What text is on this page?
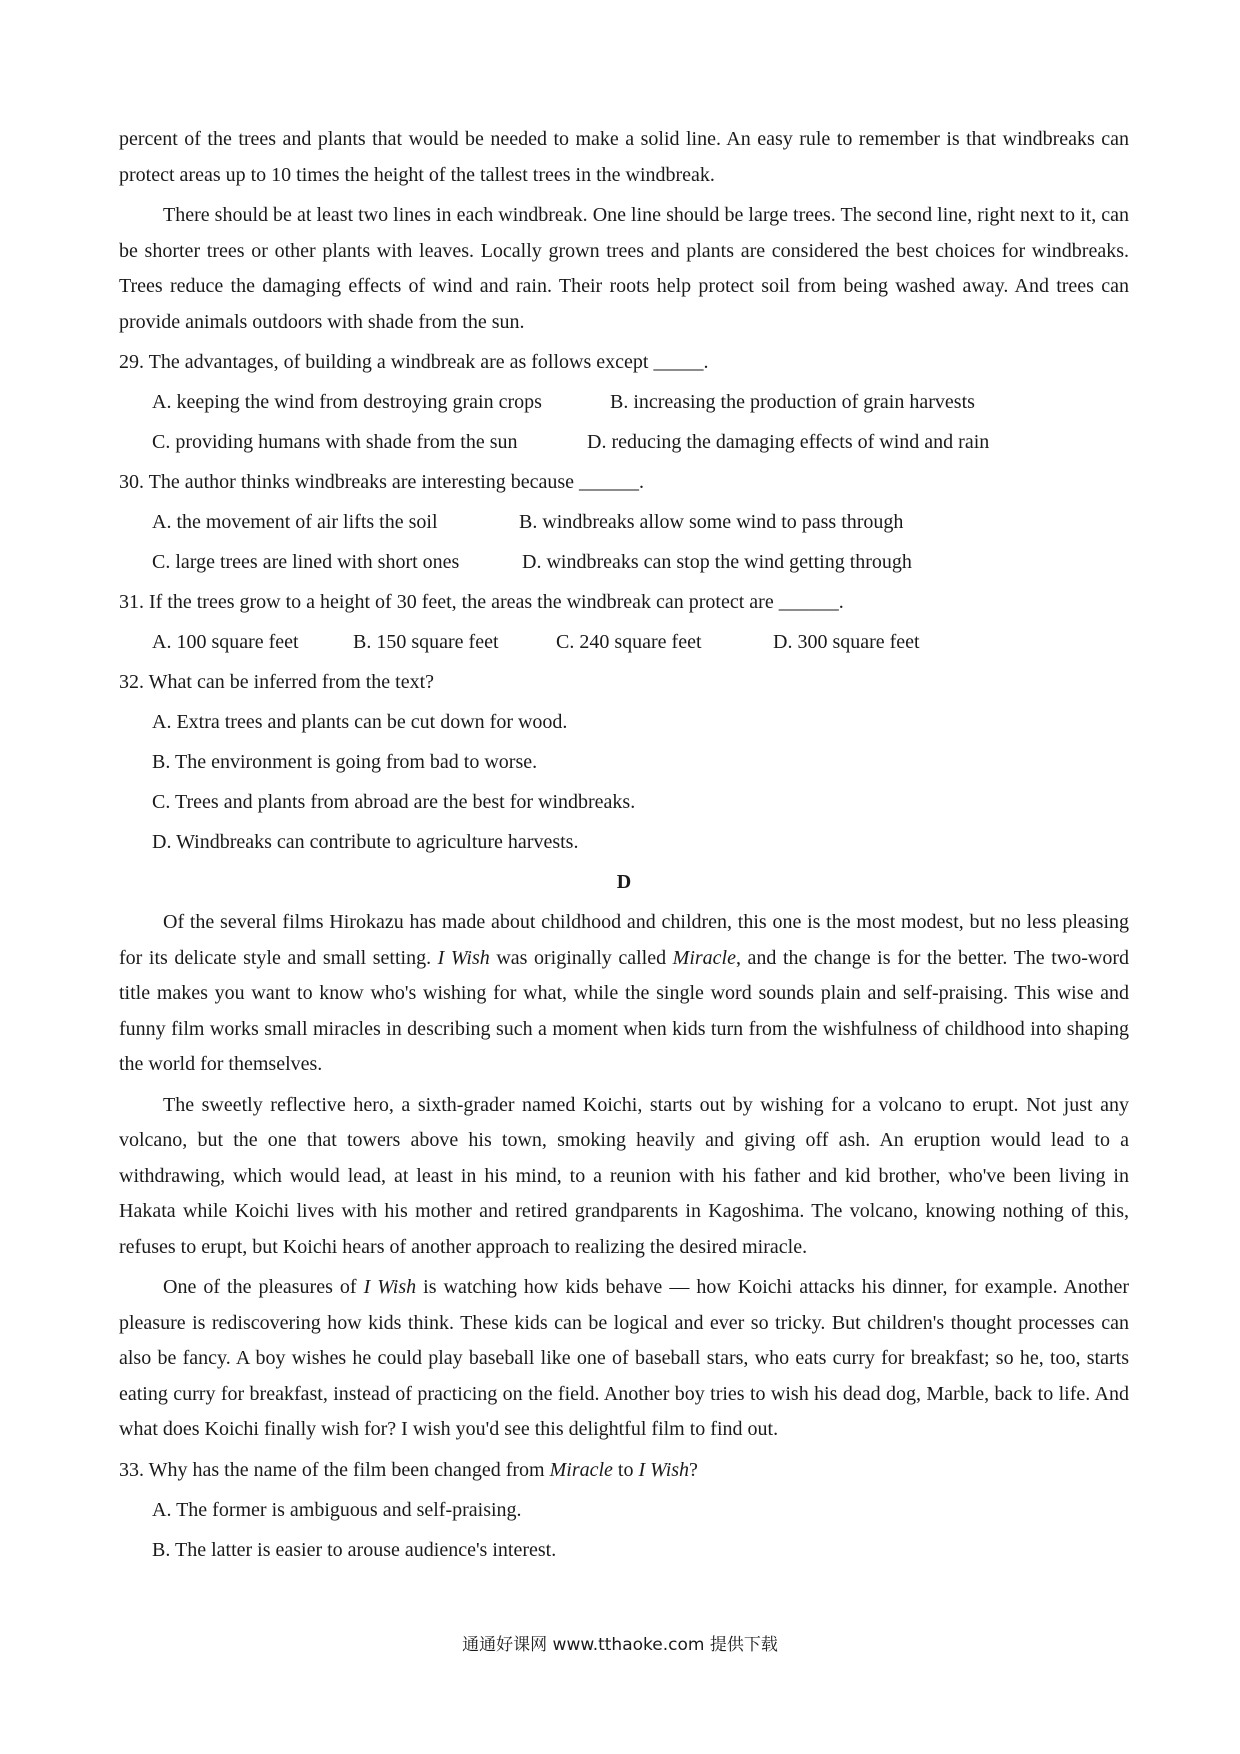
percent of the trees and plants that would be needed to make a solid line. An easy rule to remember is that windbreaks can protect areas up to 10 times the height of the tallest trees in the windbreak.

There should be at least two lines in each windbreak. One line should be large trees. The second line, right next to it, can be shorter trees or other plants with leaves. Locally grown trees and plants are considered the best choices for windbreaks. Trees reduce the damaging effects of wind and rain. Their roots help protect soil from being washed away. And trees can provide animals outdoors with shade from the sun.

29. The advantages, of building a windbreak are as follows except _____.

A. keeping the wind from destroying grain crops	B. increasing the production of grain harvests
C. providing humans with shade from the sun	D. reducing the damaging effects of wind and rain

30. The author thinks windbreaks are interesting because ______.

A. the movement of air lifts the soil	B. windbreaks allow some wind to pass through
C. large trees are lined with short ones	D. windbreaks can stop the wind getting through

31. If the trees grow to a height of 30 feet, the areas the windbreak can protect are ______.

A. 100 square feet	B. 150 square feet	C. 240 square feet	D. 300 square feet

32. What can be inferred from the text?

A. Extra trees and plants can be cut down for wood.

B. The environment is going from bad to worse.

C. Trees and plants from abroad are the best for windbreaks.

D. Windbreaks can contribute to agriculture harvests.

D

Of the several films Hirokazu has made about childhood and children, this one is the most modest, but no less pleasing for its delicate style and small setting. I Wish was originally called Miracle, and the change is for the better. The two-word title makes you want to know who's wishing for what, while the single word sounds plain and self-praising. This wise and funny film works small miracles in describing such a moment when kids turn from the wishfulness of childhood into shaping the world for themselves.

The sweetly reflective hero, a sixth-grader named Koichi, starts out by wishing for a volcano to erupt. Not just any volcano, but the one that towers above his town, smoking heavily and giving off ash. An eruption would lead to a withdrawing, which would lead, at least in his mind, to a reunion with his father and kid brother, who've been living in Hakata while Koichi lives with his mother and retired grandparents in Kagoshima. The volcano, knowing nothing of this, refuses to erupt, but Koichi hears of another approach to realizing the desired miracle.

One of the pleasures of I Wish is watching how kids behave — how Koichi attacks his dinner, for example. Another pleasure is rediscovering how kids think. These kids can be logical and ever so tricky. But children's thought processes can also be fancy. A boy wishes he could play baseball like one of baseball stars, who eats curry for breakfast; so he, too, starts eating curry for breakfast, instead of practicing on the field. Another boy tries to wish his dead dog, Marble, back to life. And what does Koichi finally wish for? I wish you'd see this delightful film to find out.

33. Why has the name of the film been changed from Miracle to I Wish?

A. The former is ambiguous and self-praising.

B. The latter is easier to arouse audience's interest.

通通好课网 www.tthaoke.com 提供下载
